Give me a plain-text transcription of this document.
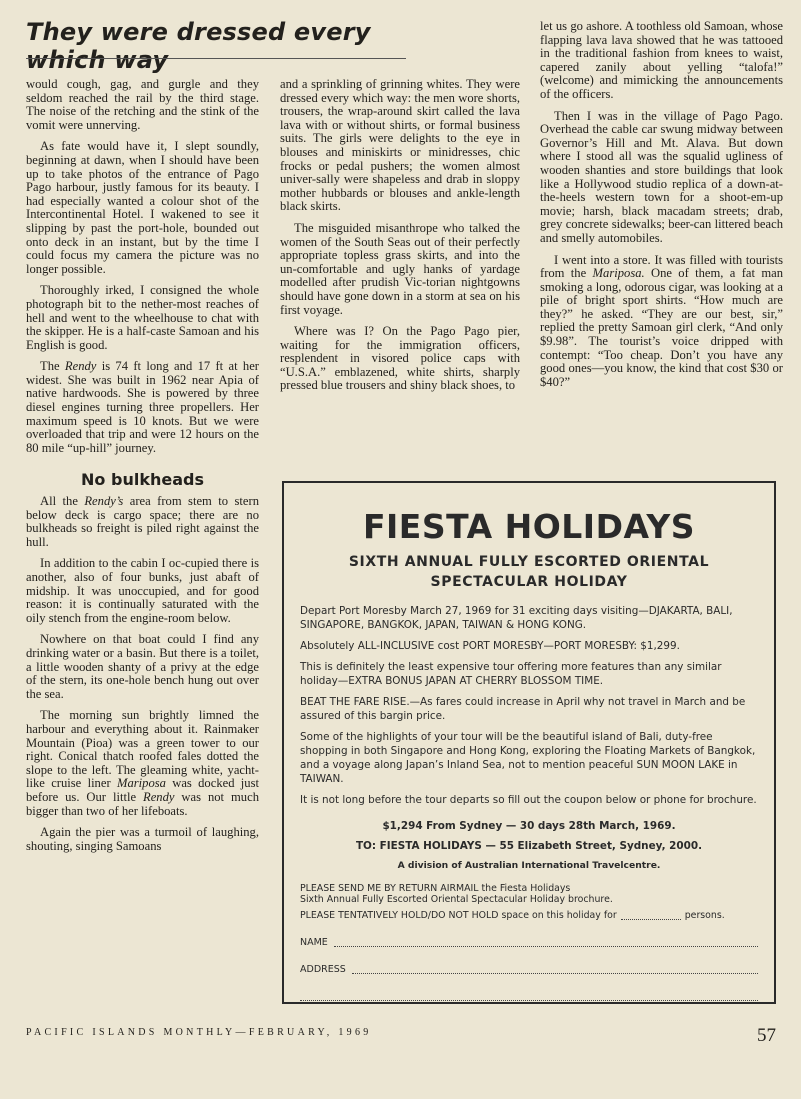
They were dressed every which way

would cough, gag, and gurgle and they seldom reached the rail by the third stage. The noise of the retching and the stink of the vomit were unnerving.

As fate would have it, I slept soundly, beginning at dawn, when I should have been up to take photos of the entrance of Pago Pago harbour, justly famous for its beauty. I had especially wanted a colour shot of the Intercontinental Hotel. I wakened to see it slipping by past the port-hole, bounded out onto deck in an instant, but by the time I could focus my camera the picture was no longer possible.

Thoroughly irked, I consigned the whole photograph bit to the nether-most reaches of hell and went to the wheelhouse to chat with the skipper. He is a half-caste Samoan and his English is good.

The Rendy is 74 ft long and 17 ft at her widest. She was built in 1962 near Apia of native hardwoods. She is powered by three diesel engines turning three propellers. Her maximum speed is 10 knots. But we were overloaded that trip and were 12 hours on the 80 mile “up-hill” journey.

No bulkheads

All the Rendy’s area from stem to stern below deck is cargo space; there are no bulkheads so freight is piled right against the hull.

In addition to the cabin I oc-cupied there is another, also of four bunks, just abaft of midship. It was unoccupied, and for good reason: it is continually saturated with the oily stench from the engine-room below.

Nowhere on that boat could I find any drinking water or a basin. But there is a toilet, a little wooden shanty of a privy at the edge of the stern, its one-hole bench hung out over the sea.

The morning sun brightly limned the harbour and everything about it. Rainmaker Mountain (Pioa) was a green tower to our right. Conical thatch roofed fales dotted the slope to the left. The gleaming white, yacht-like cruise liner Mariposa was docked just before us. Our little Rendy was not much bigger than two of her lifeboats.

Again the pier was a turmoil of laughing, shouting, singing Samoans

and a sprinkling of grinning whites. They were dressed every which way: the men wore shorts, trousers, the wrap-around skirt called the lava lava with or without shirts, or formal business suits. The girls were delights to the eye in blouses and miniskirts or minidresses, chic frocks or pedal pushers; the women almost univer-sally were shapeless and drab in sloppy mother hubbards or blouses and ankle-length black skirts.

The misguided misanthrope who talked the women of the South Seas out of their perfectly appropriate topless grass skirts, and into the un-comfortable and ugly hanks of yardage modelled after prudish Vic-torian nightgowns should have gone down in a storm at sea on his first voyage.

Where was I? On the Pago Pago pier, waiting for the immigration officers, resplendent in visored police caps with “U.S.A.” emblazened, white shirts, sharply pressed blue trousers and shiny black shoes, to

let us go ashore. A toothless old Samoan, whose flapping lava lava showed that he was tattooed in the traditional fashion from knees to waist, capered zanily about yelling “talofa!” (welcome) and mimicking the announcements of the officers.

Then I was in the village of Pago Pago. Overhead the cable car swung midway between Governor’s Hill and Mt. Alava. But down where I stood all was the squalid ugliness of wooden shanties and store buildings that look like a Hollywood studio replica of a down-at-the-heels western town for a shoot-em-up movie; harsh, black macadam streets; drab, grey concrete sidewalks; beer-can littered beach and smelly automobiles.

I went into a store. It was filled with tourists from the Mariposa. One of them, a fat man smoking a long, odorous cigar, was looking at a pile of bright sport shirts. “How much are they?” he asked. “They are our best, sir,” replied the pretty Samoan girl clerk, “And only $9.98”. The tourist’s voice dripped with contempt: “Too cheap. Don’t you have any good ones—you know, the kind that cost $30 or $40?”

FIESTA HOLIDAYS
SIXTH ANNUAL FULLY ESCORTED ORIENTAL
SPECTACULAR HOLIDAY

Depart Port Moresby March 27, 1969 for 31 exciting days visiting—DJAKARTA, BALI, SINGAPORE, BANGKOK, JAPAN, TAIWAN & HONG KONG.

Absolutely ALL-INCLUSIVE cost PORT MORESBY—PORT MORESBY: $1,299.

This is definitely the least expensive tour offering more features than any similar holiday—EXTRA BONUS JAPAN AT CHERRY BLOSSOM TIME.

BEAT THE FARE RISE.—As fares could increase in April why not travel in March and be assured of this bargin price.

Some of the highlights of your tour will be the beautiful island of Bali, duty-free shopping in both Singapore and Hong Kong, exploring the Floating Markets of Bangkok, and a voyage along Japan’s Inland Sea, not to mention peaceful SUN MOON LAKE in TAIWAN.

It is not long before the tour departs so fill out the coupon below or phone for brochure.

$1,294 From Sydney — 30 days 28th March, 1969.

TO: FIESTA HOLIDAYS — 55 Elizabeth Street, Sydney, 2000.

A division of Australian International Travelcentre.

PLEASE SEND ME BY RETURN AIRMAIL the Fiesta Holidays

Sixth Annual Fully Escorted Oriental Spectacular Holiday brochure.

PLEASE TENTATIVELY HOLD/DO NOT HOLD space on this holiday for	persons.

NAME
ADDRESS
PACIFIC ISLANDS MONTHLY—FEBRUARY, 1969	57
